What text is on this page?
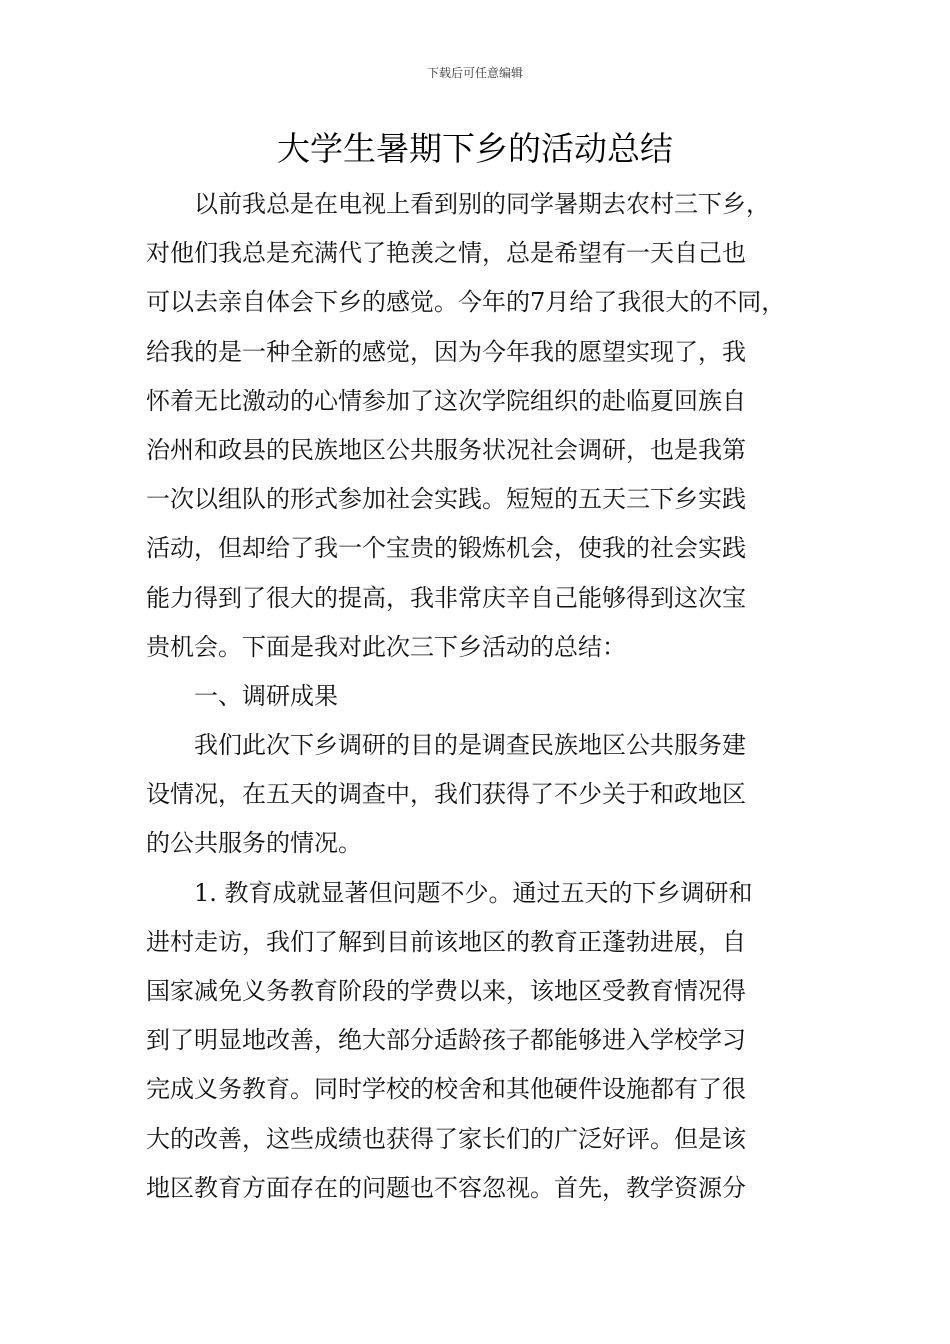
下载后可任意编辑
大学生暑期下乡的活动总结
以前我总是在电视上看到别的同学暑期去农村三下乡，
对他们我总是充满代了艳羡之情，总是希望有一天自己也
可以去亲自体会下乡的感觉。今年的7月给了我很大的不同，
给我的是一种全新的感觉，因为今年我的愿望实现了，我
怀着无比激动的心情参加了这次学院组织的赴临夏回族自
治州和政县的民族地区公共服务状况社会调研，也是我第
一次以组队的形式参加社会实践。短短的五天三下乡实践
活动，但却给了我一个宝贵的锻炼机会，使我的社会实践
能力得到了很大的提高，我非常庆辛自己能够得到这次宝
贵机会。下面是我对此次三下乡活动的总结：
一、调研成果
我们此次下乡调研的目的是调查民族地区公共服务建
设情况，在五天的调查中，我们获得了不少关于和政地区
的公共服务的情况。
1. 教育成就显著但问题不少。通过五天的下乡调研和
进村走访，我们了解到目前该地区的教育正蓬勃进展，自
国家减免义务教育阶段的学费以来，该地区受教育情况得
到了明显地改善，绝大部分适龄孩子都能够进入学校学习
完成义务教育。同时学校的校舍和其他硬件设施都有了很
大的改善，这些成绩也获得了家长们的广泛好评。但是该
地区教育方面存在的问题也不容忽视。首先，教学资源分
